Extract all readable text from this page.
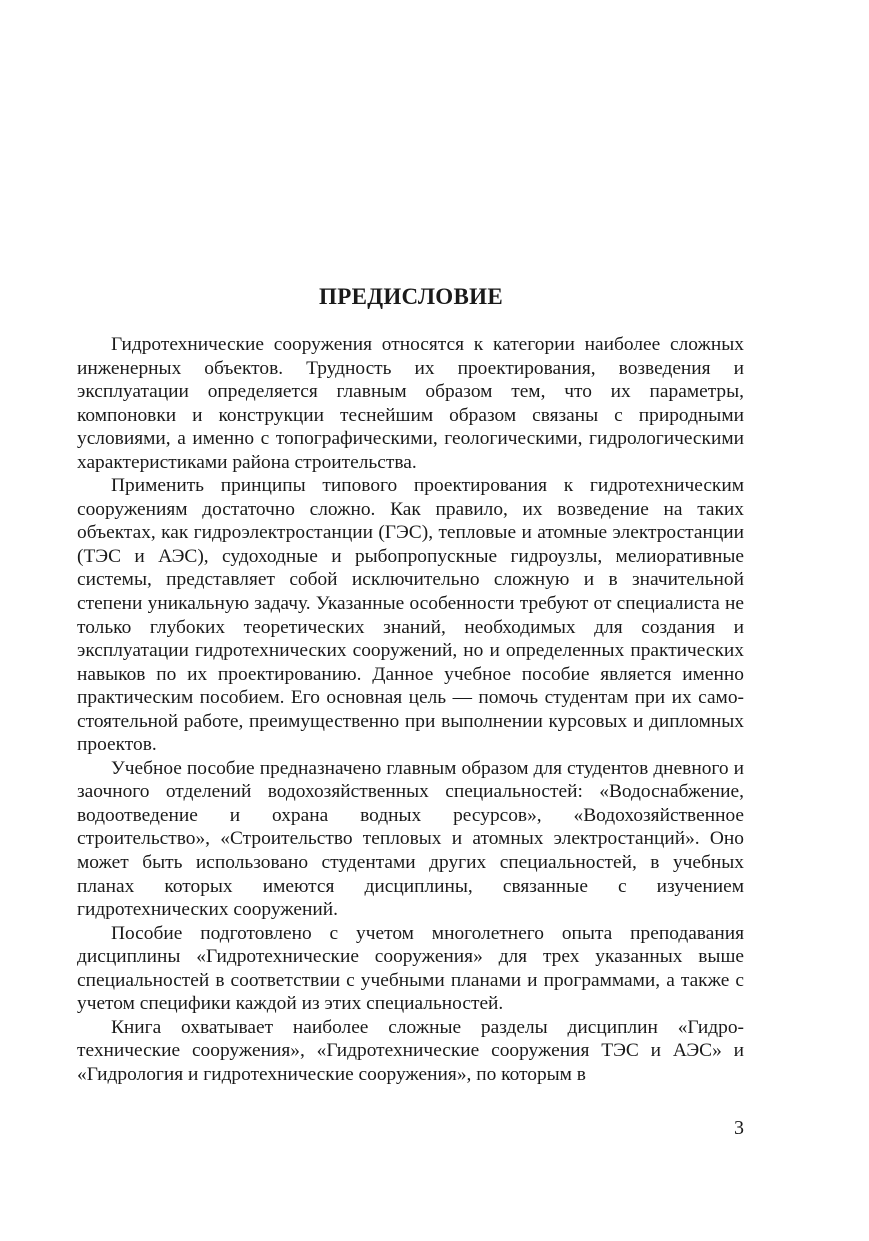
ПРЕДИСЛОВИЕ

Гидротехнические сооружения относятся к категории наиболее сложных инженерных объектов. Трудность их проектирования, возведения и эксплуатации определяется главным образом тем, что их параметры, компоновки и конструкции теснейшим образом связаны с природными условиями, а именно с топографическими, геологическими, гидрологическими характеристиками района строительства.

Применить принципы типового проектирования к гидротехническим сооружениям достаточно сложно. Как правило, их возведение на таких объектах, как гидроэлектростанции (ГЭС), тепловые и атомные электростанции (ТЭС и АЭС), судоходные и рыбопропускные гидроузлы, мелиоративные системы, представляет собой исключительно сложную и в значительной степени уникальную задачу. Указанные особенности требуют от специалиста не только глубоких теоретических знаний, необходимых для создания и эксплуатации гидротехнических сооружений, но и определенных практических навыков по их проектированию. Данное учебное пособие является именно практическим пособием. Его основная цель — помочь студентам при их самостоятельной работе, преимущественно при выполнении курсовых и дипломных проектов.

Учебное пособие предназначено главным образом для студентов дневного и заочного отделений водохозяйственных специальностей: «Водоснабжение, водоотведение и охрана водных ресурсов», «Водохозяйственное строительство», «Строительство тепловых и атомных электростанций». Оно может быть использовано студентами других специальностей, в учебных планах которых имеются дисциплины, связанные с изучением гидротехнических сооружений.

Пособие подготовлено с учетом многолетнего опыта преподавания дисциплины «Гидротехнические сооружения» для трех указанных выше специальностей в соответствии с учебными планами и программами, а также с учетом специфики каждой из этих специальностей.

Книга охватывает наиболее сложные разделы дисциплин «Гидротехнические сооружения», «Гидротехнические сооружения ТЭС и АЭС» и «Гидрология и гидротехнические сооружения», по которым в

3
